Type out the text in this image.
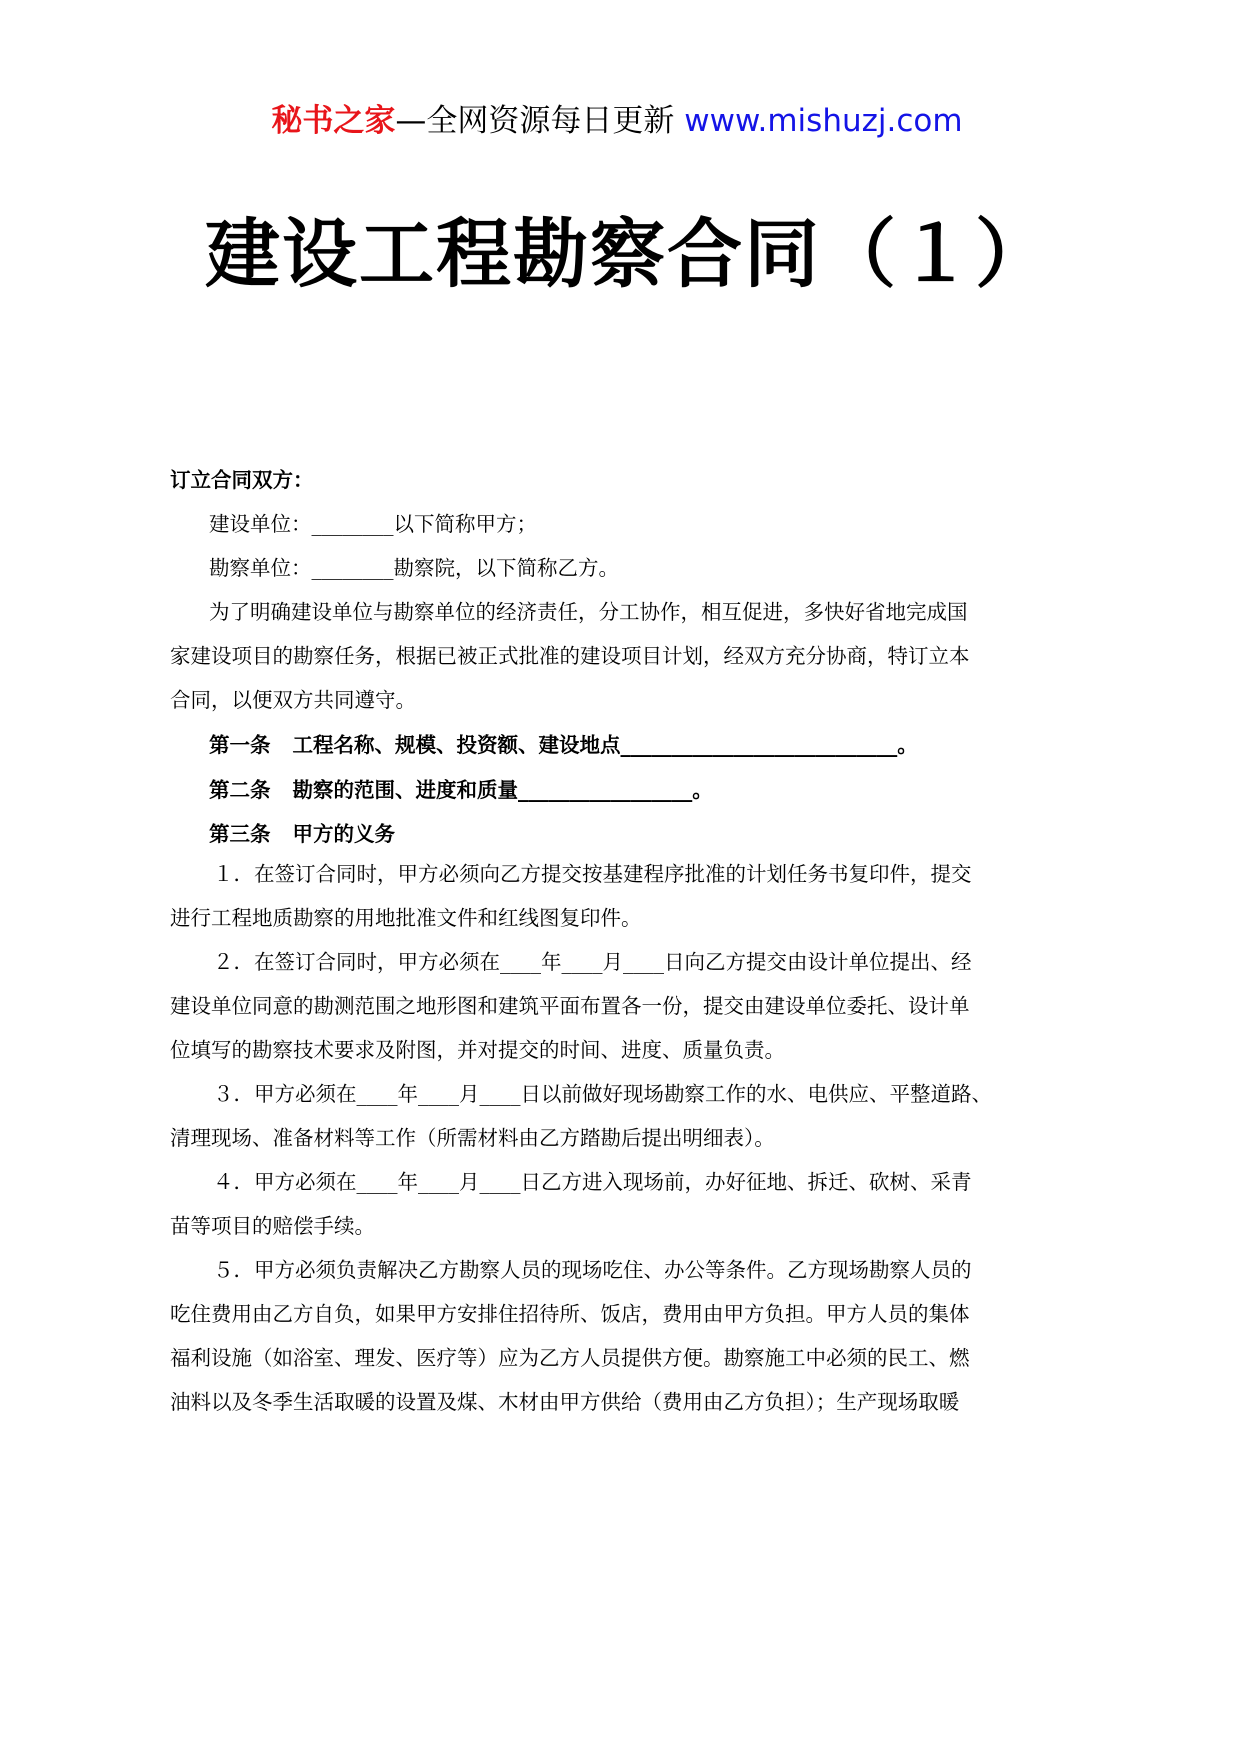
秘书之家—全网资源每日更新 www.mishuzj.com
建设工程勘察合同（１）
订立合同双方：
建设单位：________以下简称甲方；
勘察单位：________勘察院，以下简称乙方。
为了明确建设单位与勘察单位的经济责任，分工协作，相互促进，多快好省地完成国
家建设项目的勘察任务，根据已被正式批准的建设项目计划，经双方充分协商，特订立本
合同，以便双方共同遵守。
第一条 工程名称、规模、投资额、建设地点___________________________。
第二条 勘察的范围、进度和质量_________________。
第三条 甲方的义务
１．在签订合同时，甲方必须向乙方提交按基建程序批准的计划任务书复印件，提交
进行工程地质勘察的用地批准文件和红线图复印件。
２．在签订合同时，甲方必须在____年____月____日向乙方提交由设计单位提出、经
建设单位同意的勘测范围之地形图和建筑平面布置各一份，提交由建设单位委托、设计单
位填写的勘察技术要求及附图，并对提交的时间、进度、质量负责。
３．甲方必须在____年____月____日以前做好现场勘察工作的水、电供应、平整道路、
清理现场、准备材料等工作（所需材料由乙方踏勘后提出明细表）。
４．甲方必须在____年____月____日乙方进入现场前，办好征地、拆迁、砍树、采青
苗等项目的赔偿手续。
５．甲方必须负责解决乙方勘察人员的现场吃住、办公等条件。乙方现场勘察人员的
吃住费用由乙方自负，如果甲方安排住招待所、饭店，费用由甲方负担。甲方人员的集体
福利设施（如浴室、理发、医疗等）应为乙方人员提供方便。勘察施工中必须的民工、燃
油料以及冬季生活取暖的设置及煤、木材由甲方供给（费用由乙方负担）；生产现场取暖
